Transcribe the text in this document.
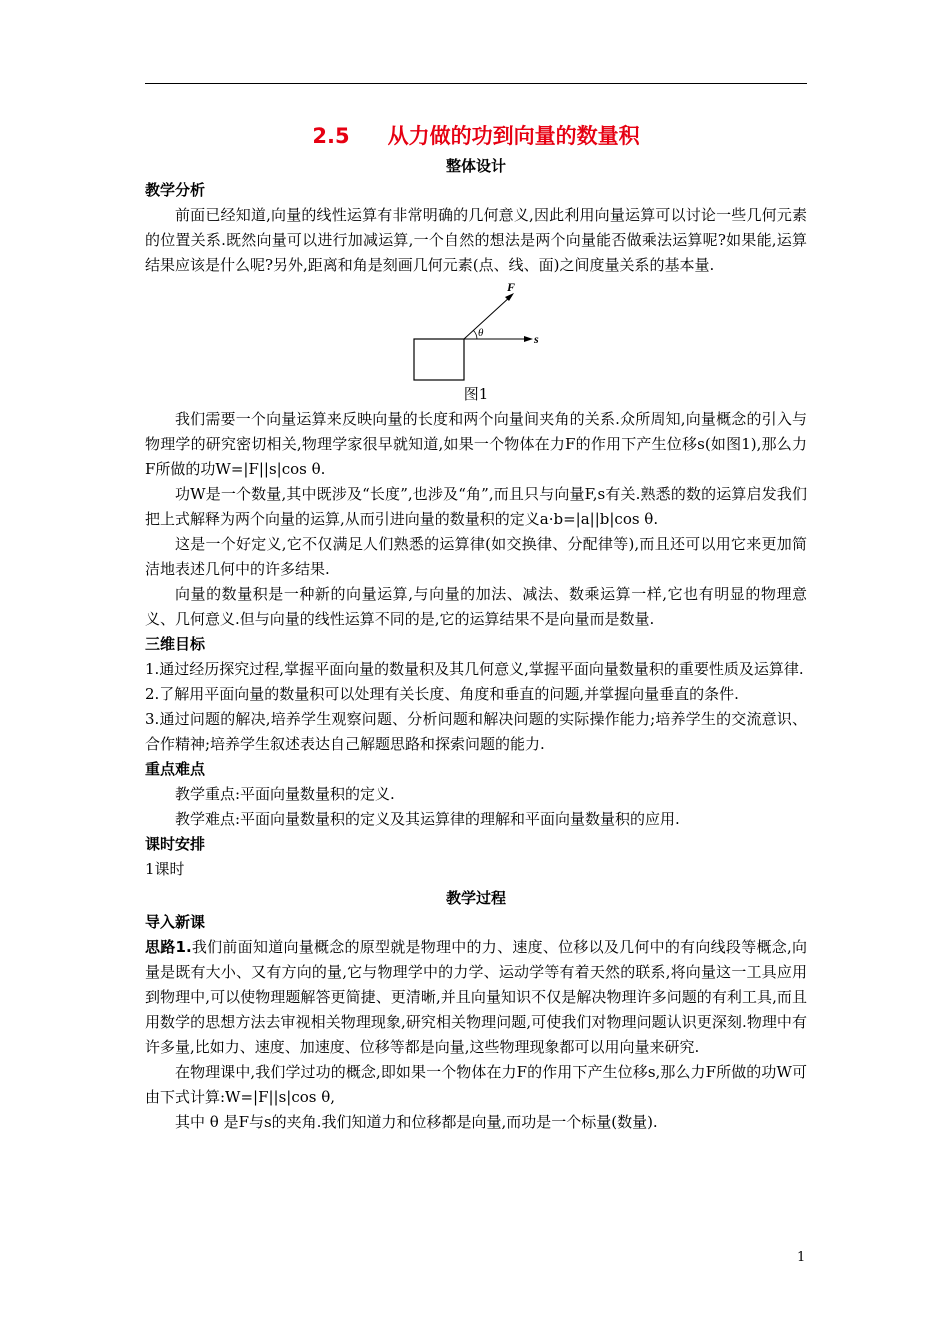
2.5 从力做的功到向量的数量积

整体设计

教学分析

前面已经知道,向量的线性运算有非常明确的几何意义,因此利用向量运算可以讨论一些几何元素的位置关系.既然向量可以进行加减运算,一个自然的想法是两个向量能否做乘法运算呢?如果能,运算结果应该是什么呢?另外,距离和角是刻画几何元素(点、线、面)之间度量关系的基本量.

F
θ	s

图1

我们需要一个向量运算来反映向量的长度和两个向量间夹角的关系.众所周知,向量概念的引入与物理学的研究密切相关,物理学家很早就知道,如果一个物体在力F的作用下产生位移s(如图1),那么力F所做的功W=|F||s|cos θ.

功W是一个数量,其中既涉及“长度”,也涉及“角”,而且只与向量F,s有关.熟悉的数的运算启发我们把上式解释为两个向量的运算,从而引进向量的数量积的定义a·b=|a||b|cos θ.

这是一个好定义,它不仅满足人们熟悉的运算律(如交换律、分配律等),而且还可以用它来更加简洁地表述几何中的许多结果.

向量的数量积是一种新的向量运算,与向量的加法、减法、数乘运算一样,它也有明显的物理意义、几何意义.但与向量的线性运算不同的是,它的运算结果不是向量而是数量.

三维目标

1.通过经历探究过程,掌握平面向量的数量积及其几何意义,掌握平面向量数量积的重要性质及运算律.

2.了解用平面向量的数量积可以处理有关长度、角度和垂直的问题,并掌握向量垂直的条件.

3.通过问题的解决,培养学生观察问题、分析问题和解决问题的实际操作能力;培养学生的交流意识、合作精神;培养学生叙述表达自己解题思路和探索问题的能力.

重点难点

教学重点:平面向量数量积的定义.

教学难点:平面向量数量积的定义及其运算律的理解和平面向量数量积的应用.

课时安排

1课时

教学过程

导入新课

思路1.我们前面知道向量概念的原型就是物理中的力、速度、位移以及几何中的有向线段等概念,向量是既有大小、又有方向的量,它与物理学中的力学、运动学等有着天然的联系,将向量这一工具应用到物理中,可以使物理题解答更简捷、更清晰,并且向量知识不仅是解决物理许多问题的有利工具,而且用数学的思想方法去审视相关物理现象,研究相关物理问题,可使我们对物理问题认识更深刻.物理中有许多量,比如力、速度、加速度、位移等都是向量,这些物理现象都可以用向量来研究.

在物理课中,我们学过功的概念,即如果一个物体在力F的作用下产生位移s,那么力F所做的功W可由下式计算:W=|F||s|cos θ,

其中 θ 是F与s的夹角.我们知道力和位移都是向量,而功是一个标量(数量).

1
